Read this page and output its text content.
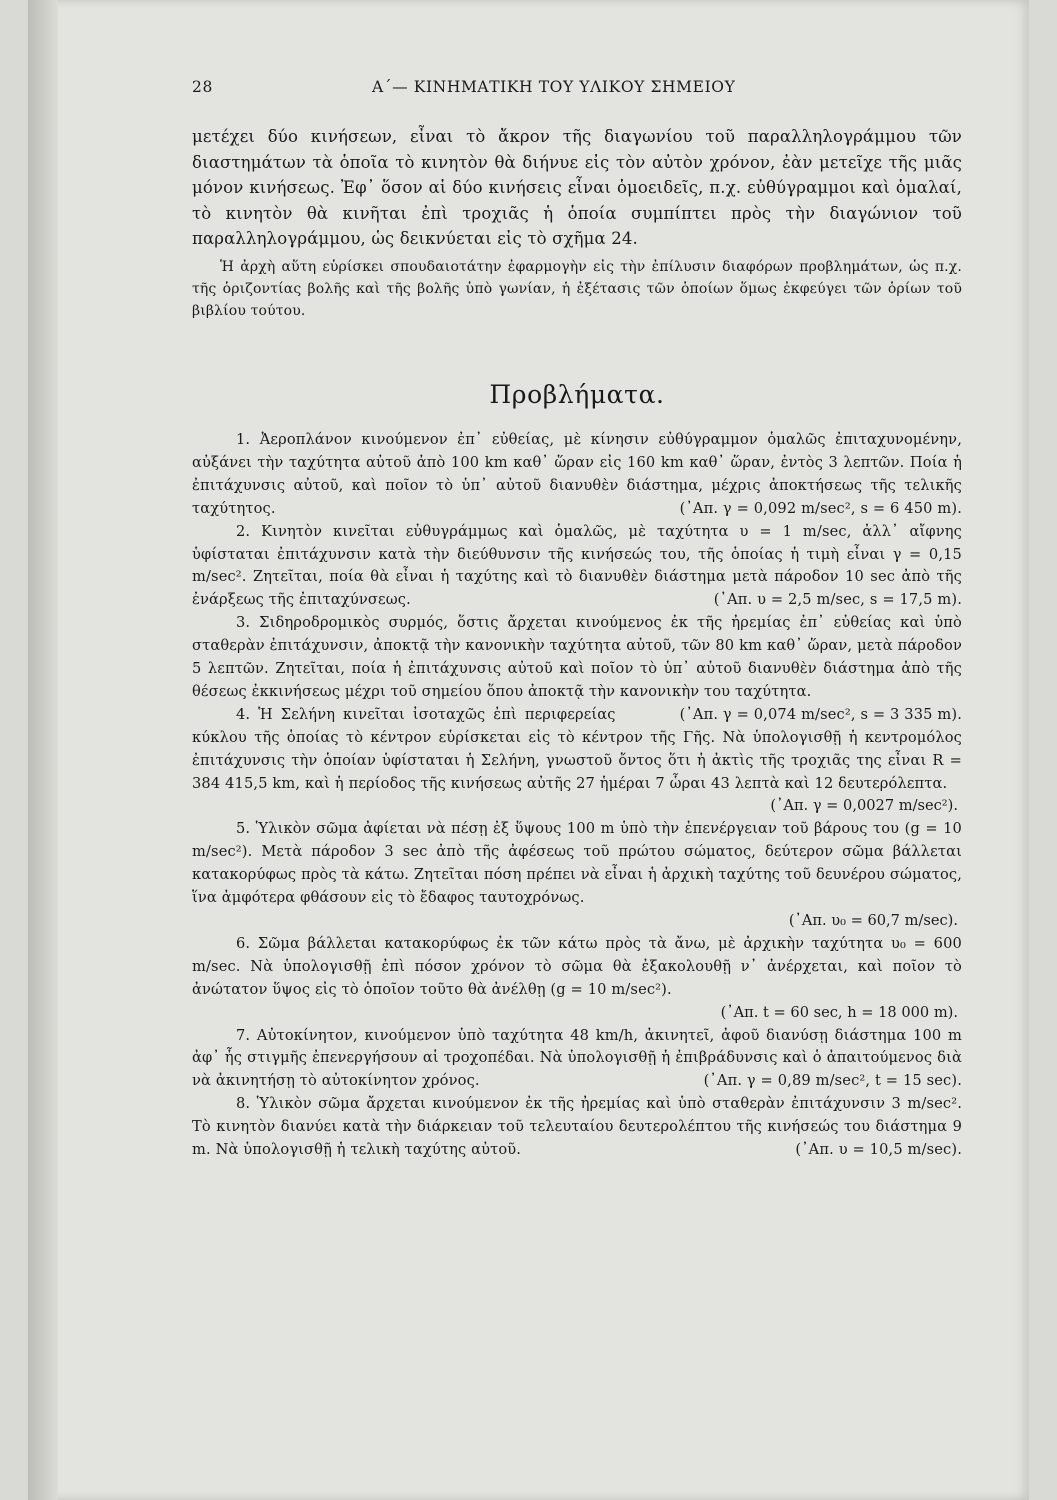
28	Α΄— ΚΙΝΗΜΑΤΙΚΗ ΤΟΥ ΥΛΙΚΟΥ ΣΗΜΕΙΟΥ

μετέχει δύο κινήσεων, εἶναι τὸ ἄκρον τῆς διαγωνίου τοῦ παραλληλογράμμου τῶν διαστημάτων τὰ ὁποῖα τὸ κινητὸν θὰ διήνυε εἰς τὸν αὐτὸν χρόνον, ἐὰν μετεῖχε τῆς μιᾶς μόνον κινήσεως. Ἐφ᾽ ὅσον αἱ δύο κινήσεις εἶναι ὁμοειδεῖς, π.χ. εὐθύγραμμοι καὶ ὁμαλαί, τὸ κινητὸν θὰ κινῆται ἐπὶ τροχιᾶς ἡ ὁποία συμπίπτει πρὸς τὴν διαγώνιον τοῦ παραλληλογράμμου, ὡς δεικνύεται εἰς τὸ σχῆμα 24.

Ἡ ἀρχὴ αὕτη εὑρίσκει σπουδαιοτάτην ἐφαρμογὴν εἰς τὴν ἐπίλυσιν διαφόρων προβλημάτων, ὡς π.χ. τῆς ὁριζοντίας βολῆς καὶ τῆς βολῆς ὑπὸ γωνίαν, ἡ ἐξέτασις τῶν ὁποίων ὅμως ἐκφεύγει τῶν ὁρίων τοῦ βιβλίου τούτου.

Προβλήματα.

1. Ἀεροπλάνον κινούμενον ἐπ᾽ εὐθείας, μὲ κίνησιν εὐθύγραμμον ὁμαλῶς ἐπιταχυνομένην, αὐξάνει τὴν ταχύτητα αὐτοῦ ἀπὸ 100 km καθ᾽ ὥραν εἰς 160 km καθ᾽ ὥραν, ἐντὸς 3 λεπτῶν. Ποία ἡ ἐπιτάχυνσις αὐτοῦ, καὶ ποῖον τὸ ὑπ᾽ αὐτοῦ διανυθὲν διάστημα, μέχρις ἀποκτήσεως τῆς τελικῆς ταχύτητος.	(᾽Απ. γ = 0,092 m/sec², s = 6 450 m).

2. Κινητὸν κινεῖται εὐθυγράμμως καὶ ὁμαλῶς, μὲ ταχύτητα υ = 1 m/sec, ἀλλ᾽ αἴφνης ὑφίσταται ἐπιτάχυνσιν κατὰ τὴν διεύθυνσιν τῆς κινήσεώς του, τῆς ὁποίας ἡ τιμὴ εἶναι γ = 0,15 m/sec². Ζητεῖται, ποία θὰ εἶναι ἡ ταχύτης καὶ τὸ διανυθὲν διάστημα μετὰ πάροδον 10 sec ἀπὸ τῆς ἐνάρξεως τῆς ἐπιταχύνσεως.	(᾽Απ. υ = 2,5 m/sec, s = 17,5 m).

3. Σιδηροδρομικὸς συρμός, ὅστις ἄρχεται κινούμενος ἐκ τῆς ἠρεμίας ἐπ᾽ εὐθείας καὶ ὑπὸ σταθερὰν ἐπιτάχυνσιν, ἀποκτᾷ τὴν κανονικὴν ταχύτητα αὐτοῦ, τῶν 80 km καθ᾽ ὥραν, μετὰ πάροδον 5 λεπτῶν. Ζητεῖται, ποία ἡ ἐπιτάχυνσις αὐτοῦ καὶ ποῖον τὸ ὑπ᾽ αὐτοῦ διανυθὲν διάστημα ἀπὸ τῆς θέσεως ἐκκινήσεως μέχρι τοῦ σημείου ὅπου ἀποκτᾷ τὴν κανονικὴν του ταχύτητα.
(᾽Απ. γ = 0,074 m/sec², s = 3 335 m).

4. Ἡ Σελήνη κινεῖται ἰσοταχῶς ἐπὶ περιφερείας κύκλου τῆς ὁποίας τὸ κέντρον εὑρίσκεται εἰς τὸ κέντρον τῆς Γῆς. Νὰ ὑπολογισθῇ ἡ κεντρομόλος ἐπιτάχυνσις τὴν ὁποίαν ὑφίσταται ἡ Σελήνη, γνωστοῦ ὄντος ὅτι ἡ ἀκτὶς τῆς τροχιᾶς της εἶναι R = 384 415,5 km, καὶ ἡ περίοδος τῆς κινήσεως αὐτῆς 27 ἡμέραι 7 ὧραι 43 λεπτὰ καὶ 12 δευτερόλεπτα.

(᾽Απ. γ = 0,0027 m/sec²).

5. Ὑλικὸν σῶμα ἀφίεται νὰ πέσῃ ἐξ ὕψους 100 m ὑπὸ τὴν ἐπενέργειαν τοῦ βάρους του (g = 10 m/sec²). Μετὰ πάροδον 3 sec ἀπὸ τῆς ἀφέσεως τοῦ πρώτου σώματος, δεύτερον σῶμα βάλλεται κατακορύφως πρὸς τὰ κάτω. Ζητεῖται πόση πρέπει νὰ εἶναι ἡ ἀρχικὴ ταχύτης τοῦ δευνέρου σώματος, ἵνα ἀμφότερα φθάσουν εἰς τὸ ἔδαφος ταυτοχρόνως.

(᾽Απ. υ₀ = 60,7 m/sec).

6. Σῶμα βάλλεται κατακορύφως ἐκ τῶν κάτω πρὸς τὰ ἄνω, μὲ ἀρχικὴν ταχύτητα υ₀ = 600 m/sec. Νὰ ὑπολογισθῇ ἐπὶ πόσον χρόνον τὸ σῶμα θὰ ἐξακολουθῇ ν᾽ ἀνέρχεται, καὶ ποῖον τὸ ἀνώτατον ὕψος εἰς τὸ ὁποῖον τοῦτο θὰ ἀνέλθῃ (g = 10 m/sec²).

(᾽Απ. t = 60 sec, h = 18 000 m).

7. Αὐτοκίνητον, κινούμενον ὑπὸ ταχύτητα 48 km/h, ἀκινητεῖ, ἀφοῦ διανύσῃ διάστημα 100 m ἀφ᾽ ἧς στιγμῆς ἐπενεργήσουν αἱ τροχοπέδαι. Νὰ ὑπολογισθῇ ἡ ἐπιβράδυνσις καὶ ὁ ἀπαιτούμενος διὰ νὰ ἀκινητήσῃ τὸ αὐτοκίνητον χρόνος.	(᾽Απ. γ = 0,89 m/sec², t = 15 sec).

8. Ὑλικὸν σῶμα ἄρχεται κινούμενον ἐκ τῆς ἠρεμίας καὶ ὑπὸ σταθερὰν ἐπιτάχυνσιν 3 m/sec². Τὸ κινητὸν διανύει κατὰ τὴν διάρκειαν τοῦ τελευταίου δευτερολέπτου τῆς κινήσεώς του διάστημα 9 m. Νὰ ὑπολογισθῇ ἡ τελικὴ ταχύτης αὐτοῦ.	(᾽Απ. υ = 10,5 m/sec).
